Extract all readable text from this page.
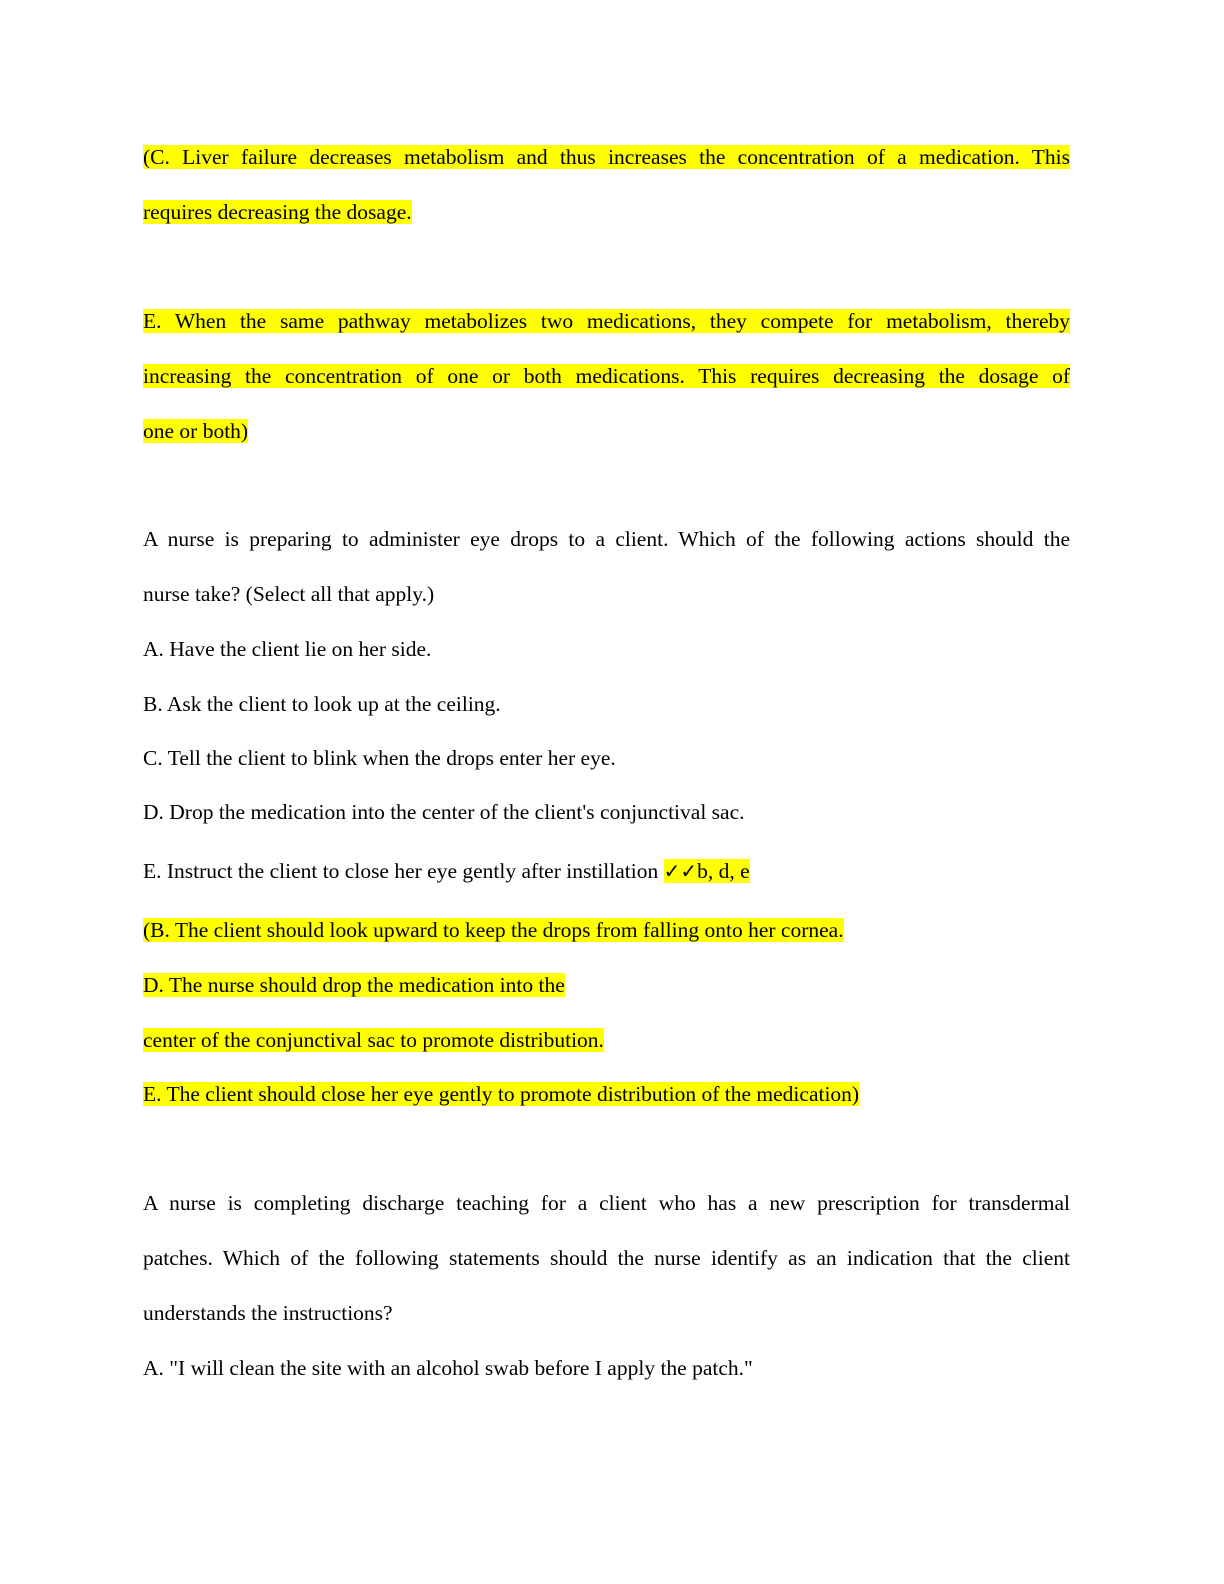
(C. Liver failure decreases metabolism and thus increases the concentration of a medication. This
requires decreasing the dosage.
E. When the same pathway metabolizes two medications, they compete for metabolism, thereby
increasing the concentration of one or both medications. This requires decreasing the dosage of
one or both)
A nurse is preparing to administer eye drops to a client. Which of the following actions should the
nurse take? (Select all that apply.)
A. Have the client lie on her side.
B. Ask the client to look up at the ceiling.
C. Tell the client to blink when the drops enter her eye.
D. Drop the medication into the center of the client's conjunctival sac.
E. Instruct the client to close her eye gently after instillation ✓✓b, d, e
(B. The client should look upward to keep the drops from falling onto her cornea.
D. The nurse should drop the medication into the
center of the conjunctival sac to promote distribution.
E. The client should close her eye gently to promote distribution of the medication)
A nurse is completing discharge teaching for a client who has a new prescription for transdermal
patches. Which of the following statements should the nurse identify as an indication that the client
understands the instructions?
A. "I will clean the site with an alcohol swab before I apply the patch."
